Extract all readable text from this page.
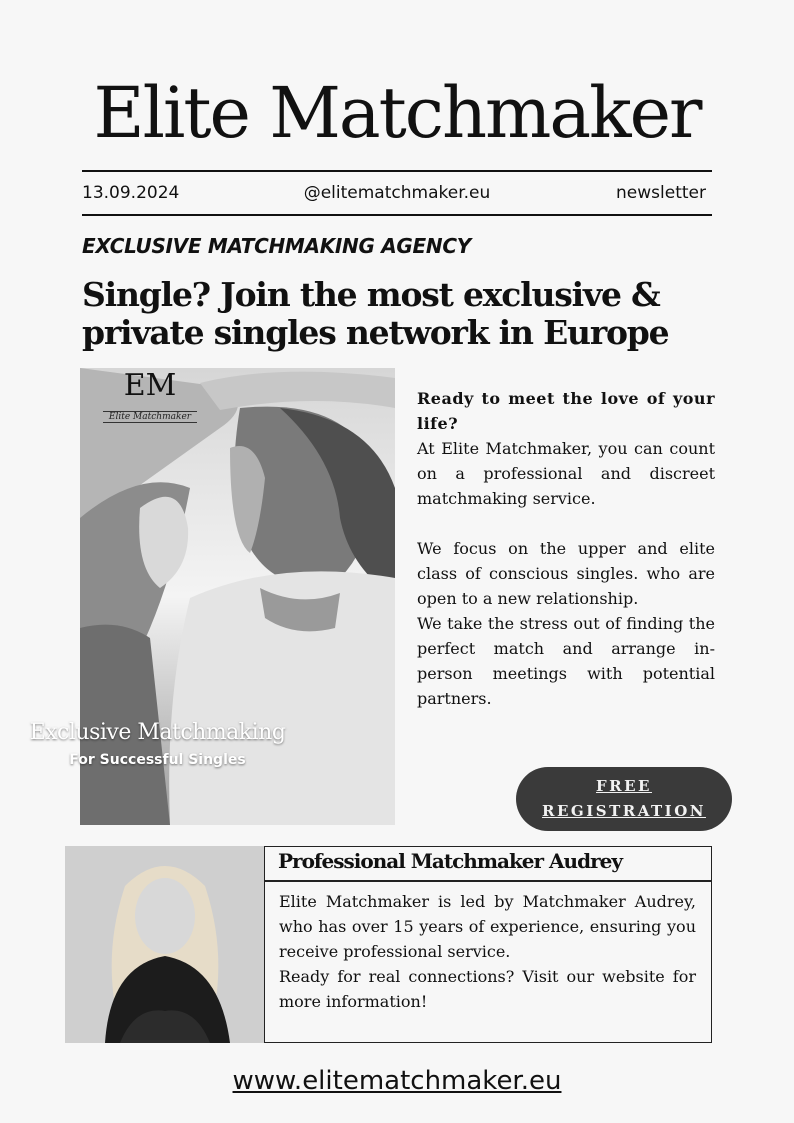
Elite Matchmaker
13.09.2024	@elitematchmaker.eu	newsletter
EXCLUSIVE MATCHMAKING AGENCY
Single? Join the most exclusive & private singles network in Europe
EM
Elite Matchmaker
Exclusive Matchmaking
For Successful Singles

Ready to meet the love of your life?

At Elite Matchmaker, you can count on a professional and discreet matchmaking service.

We focus on the upper and elite class of conscious singles. who are open to a new relationship.

We take the stress out of finding the perfect match and arrange in-person meetings with potential partners.

FREE
REGISTRATION
Professional Matchmaker Audrey

Elite Matchmaker is led by Matchmaker Audrey, who has over 15 years of experience, ensuring you receive professional service.

Ready for real connections? Visit our website for more information!

www.elitematchmaker.eu
